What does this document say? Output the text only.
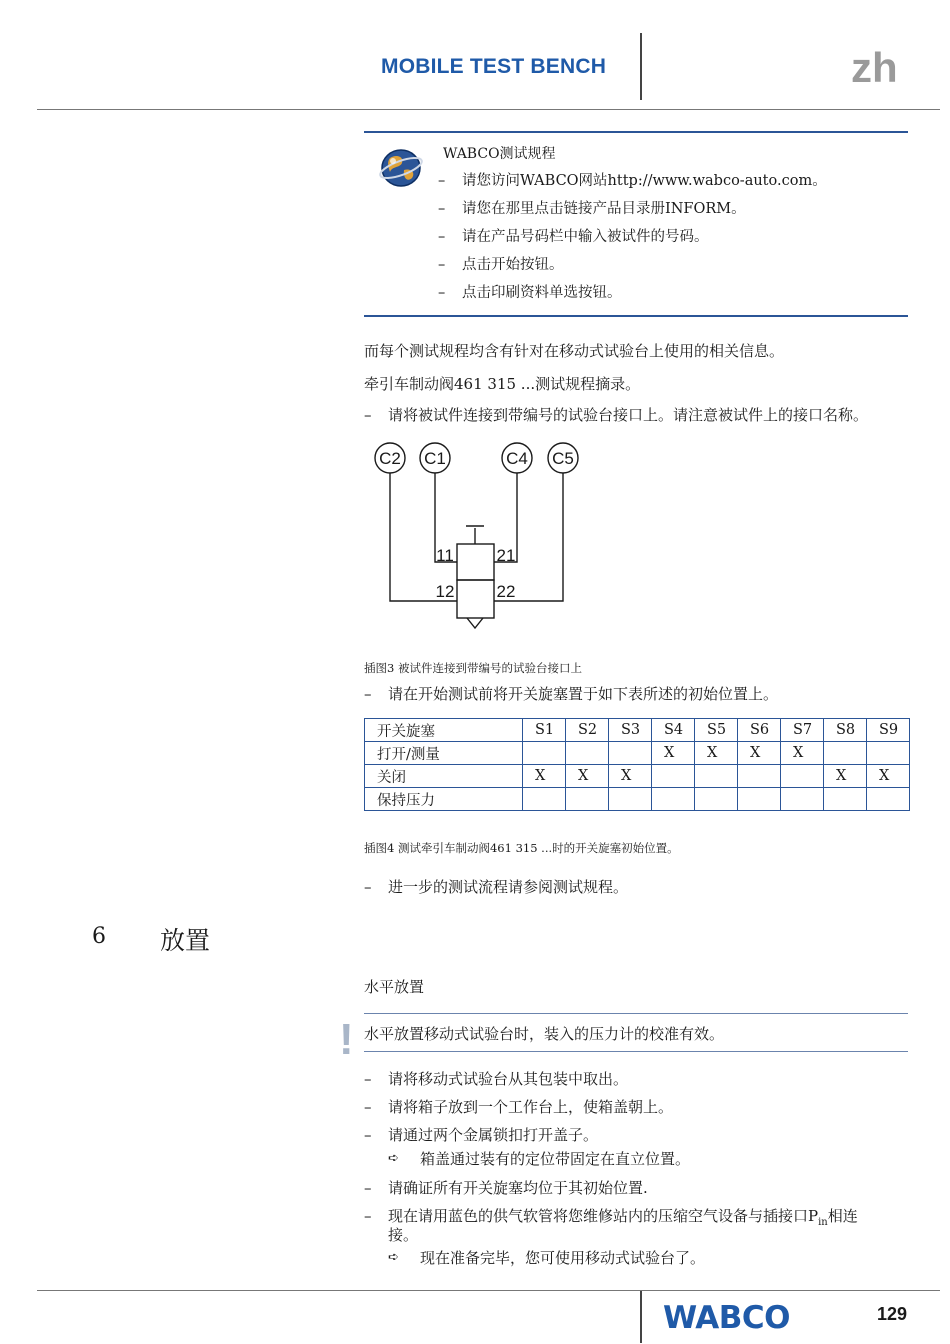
MOBILE TEST BENCH	zh
WABCO测试规程
– 请您访问WABCO网站http://www.wabco-auto.com。
– 请您在那里点击链接产品目录册INFORM。
– 请在产品号码栏中输入被试件的号码。
– 点击开始按钮。
– 点击印刷资料单选按钮。
而每个测试规程均含有针对在移动式试验台上使用的相关信息。
牵引车制动阀461 315 ...测试规程摘录。
– 请将被试件连接到带编号的试验台接口上。请注意被试件上的接口名称。
C2 C1	C4 C5
11	21
12 22
插图3 被试件连接到带编号的试验台接口上
– 请在开始测试前将开关旋塞置于如下表所述的初始位置上。
开关旋塞	S1	S2	S3	S4	S5	S6	S7	S8	S9
打开/测量				X	X	X	X		
关闭	X	X	X					X	X
保持压力									
插图4 测试牵引车制动阀461 315 ...时的开关旋塞初始位置。
– 进一步的测试流程请参阅测试规程。
6 放置
水平放置
! 水平放置移动式试验台时，装入的压力计的校准有效。
– 请将移动式试验台从其包装中取出。
– 请将箱子放到一个工作台上，使箱盖朝上。
– 请通过两个金属锁扣打开盖子。
➪ 箱盖通过装有的定位带固定在直立位置。
– 请确证所有开关旋塞均位于其初始位置.
– 现在请用蓝色的供气软管将您维修站内的压缩空气设备与插接口$P_{in}$相连
接。
➪ 现在准备完毕，您可使用移动式试验台了。
WABCO	129
